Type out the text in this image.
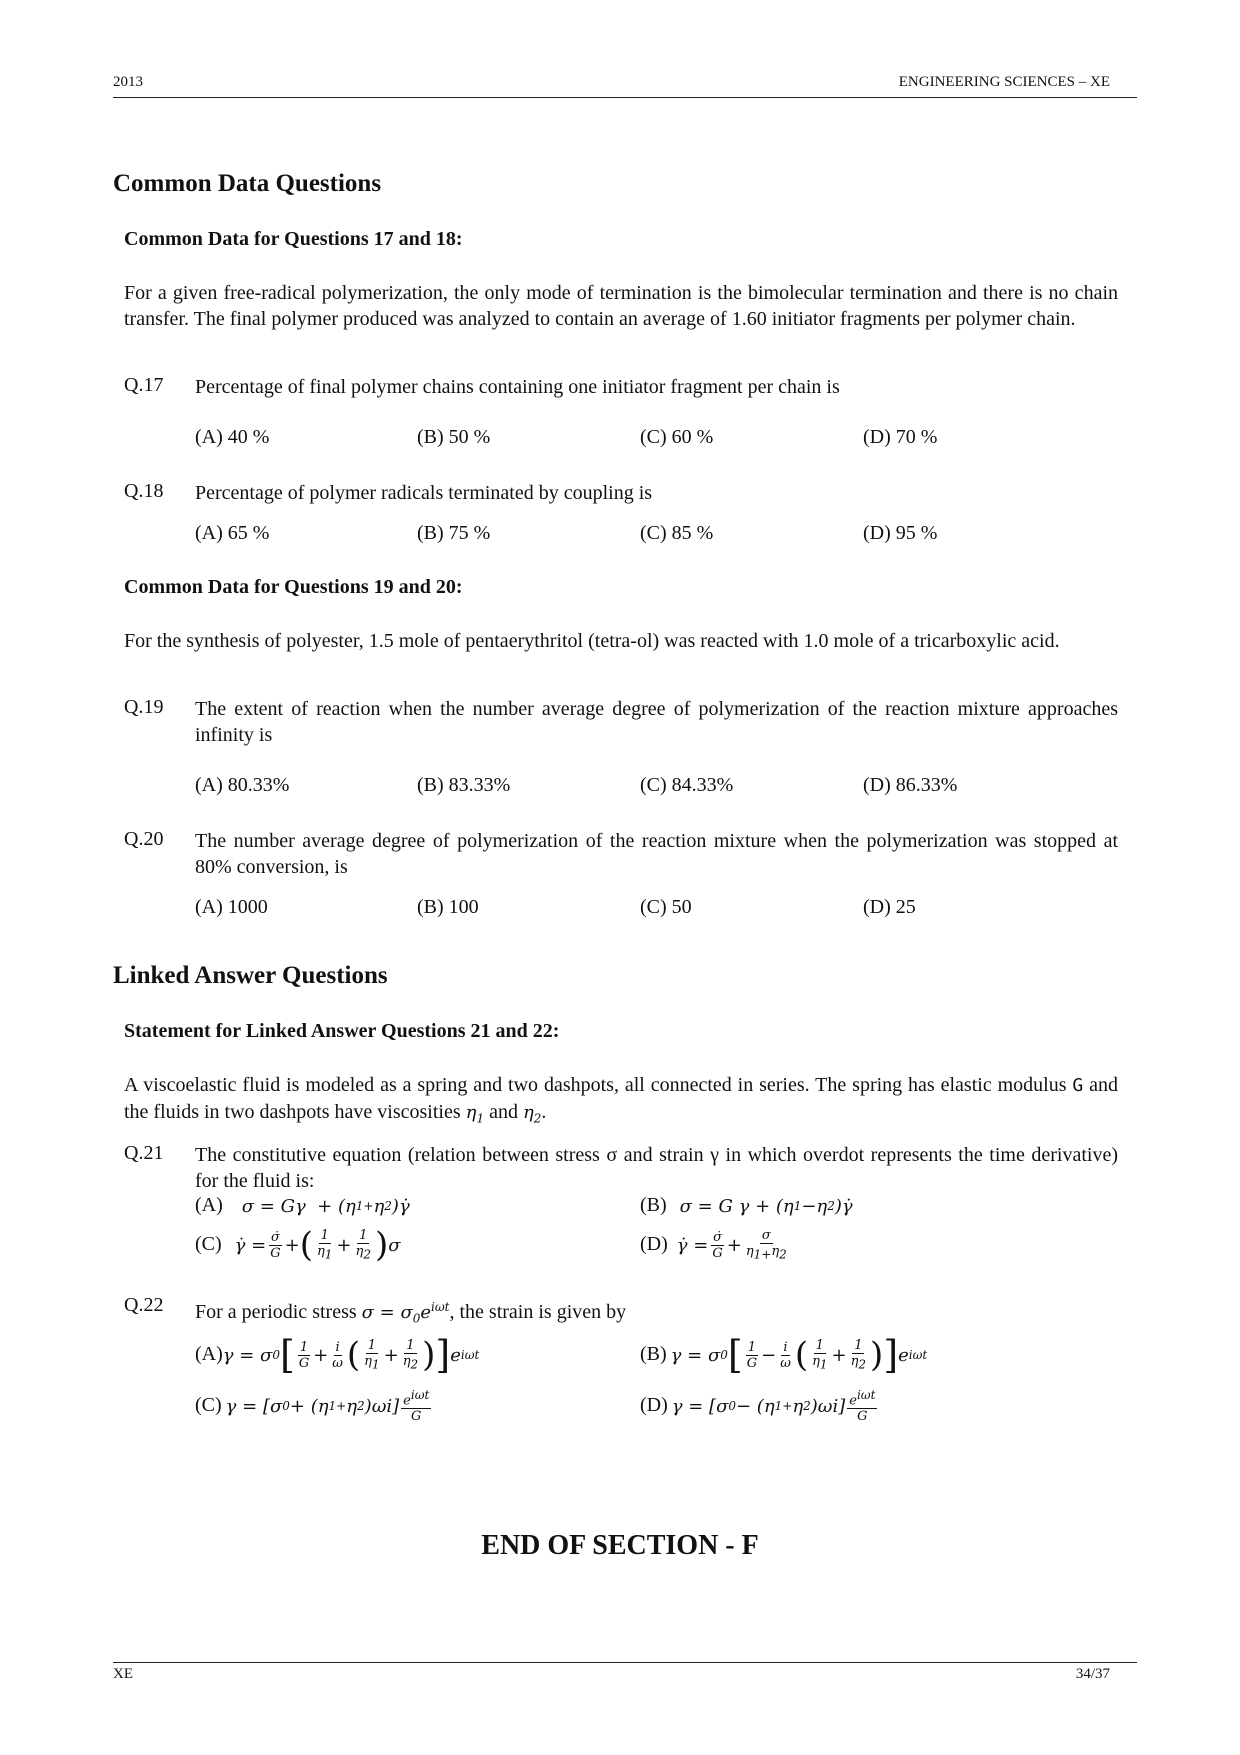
2013	ENGINEERING SCIENCES – XE
Common Data Questions
Common Data for Questions 17 and 18:
For a given free-radical polymerization, the only mode of termination is the bimolecular termination and there is no chain transfer. The final polymer produced was analyzed to contain an average of 1.60 initiator fragments per polymer chain.
Q.17 Percentage of final polymer chains containing one initiator fragment per chain is
(A) 40 %	(B) 50 %	(C) 60 %	(D) 70 %
Q.18 Percentage of polymer radicals terminated by coupling is
(A) 65 %	(B) 75 %	(C) 85 %	(D) 95 %
Common Data for Questions 19 and 20:
For the synthesis of polyester, 1.5 mole of pentaerythritol (tetra-ol) was reacted with 1.0 mole of a tricarboxylic acid.
Q.19 The extent of reaction when the number average degree of polymerization of the reaction mixture approaches infinity is
(A) 80.33%	(B) 83.33%	(C) 84.33%	(D) 86.33%
Q.20 The number average degree of polymerization of the reaction mixture when the polymerization was stopped at 80% conversion, is
(A) 1000	(B) 100	(C) 50	(D) 25
Linked Answer Questions
Statement for Linked Answer Questions 21 and 22:
A viscoelastic fluid is modeled as a spring and two dashpots, all connected in series. The spring has elastic modulus G and the fluids in two dashpots have viscosities $\eta_1$ and $\eta_2$.
Q.21 The constitutive equation (relation between stress σ and strain γ in which overdot represents the time derivative) for the fluid is:
(A) σ = Gγ  + (η 1+ η 2 )γ̇	(B) σ = G γ + (η 1 −η 2 )γ̇
(C) γ̇ = $\frac{\sigmȧ}{G}$ + ( $\frac{1}{\eta_1} + \frac{1}{\eta_2}$ ) σ	(D) γ̇ = $\frac{\sigmȧ}{G} + \frac{\sigma}{\eta_{1+}\eta_2}$
Q.22 For a periodic stress $\sigma = \sigma_0e^{i\omega t}$, the strain is given by
(A)γ = σ 0 [ $\frac{1}{G} + \frac{i}{\omega}$ ( $\frac{1}{\eta_1} + \frac{1}{\eta_2}$ ) ] e iωt	(B) γ = σ 0 [ $\frac{1}{G} - \frac{i}{\omega}$ ( $\frac{1}{\eta_1} + \frac{1}{\eta_2}$ ) ] e iωt
(C) γ = [σ 0 + (η 1+ η 2 )$\omega i] \frac{e^{i\omega t}}{G}$	(D) γ = [σ 0 − (η 1+ η 2 )$\omega i] \frac{e^{i\omega t}}{G}$
END OF SECTION - F
XE	34/37
